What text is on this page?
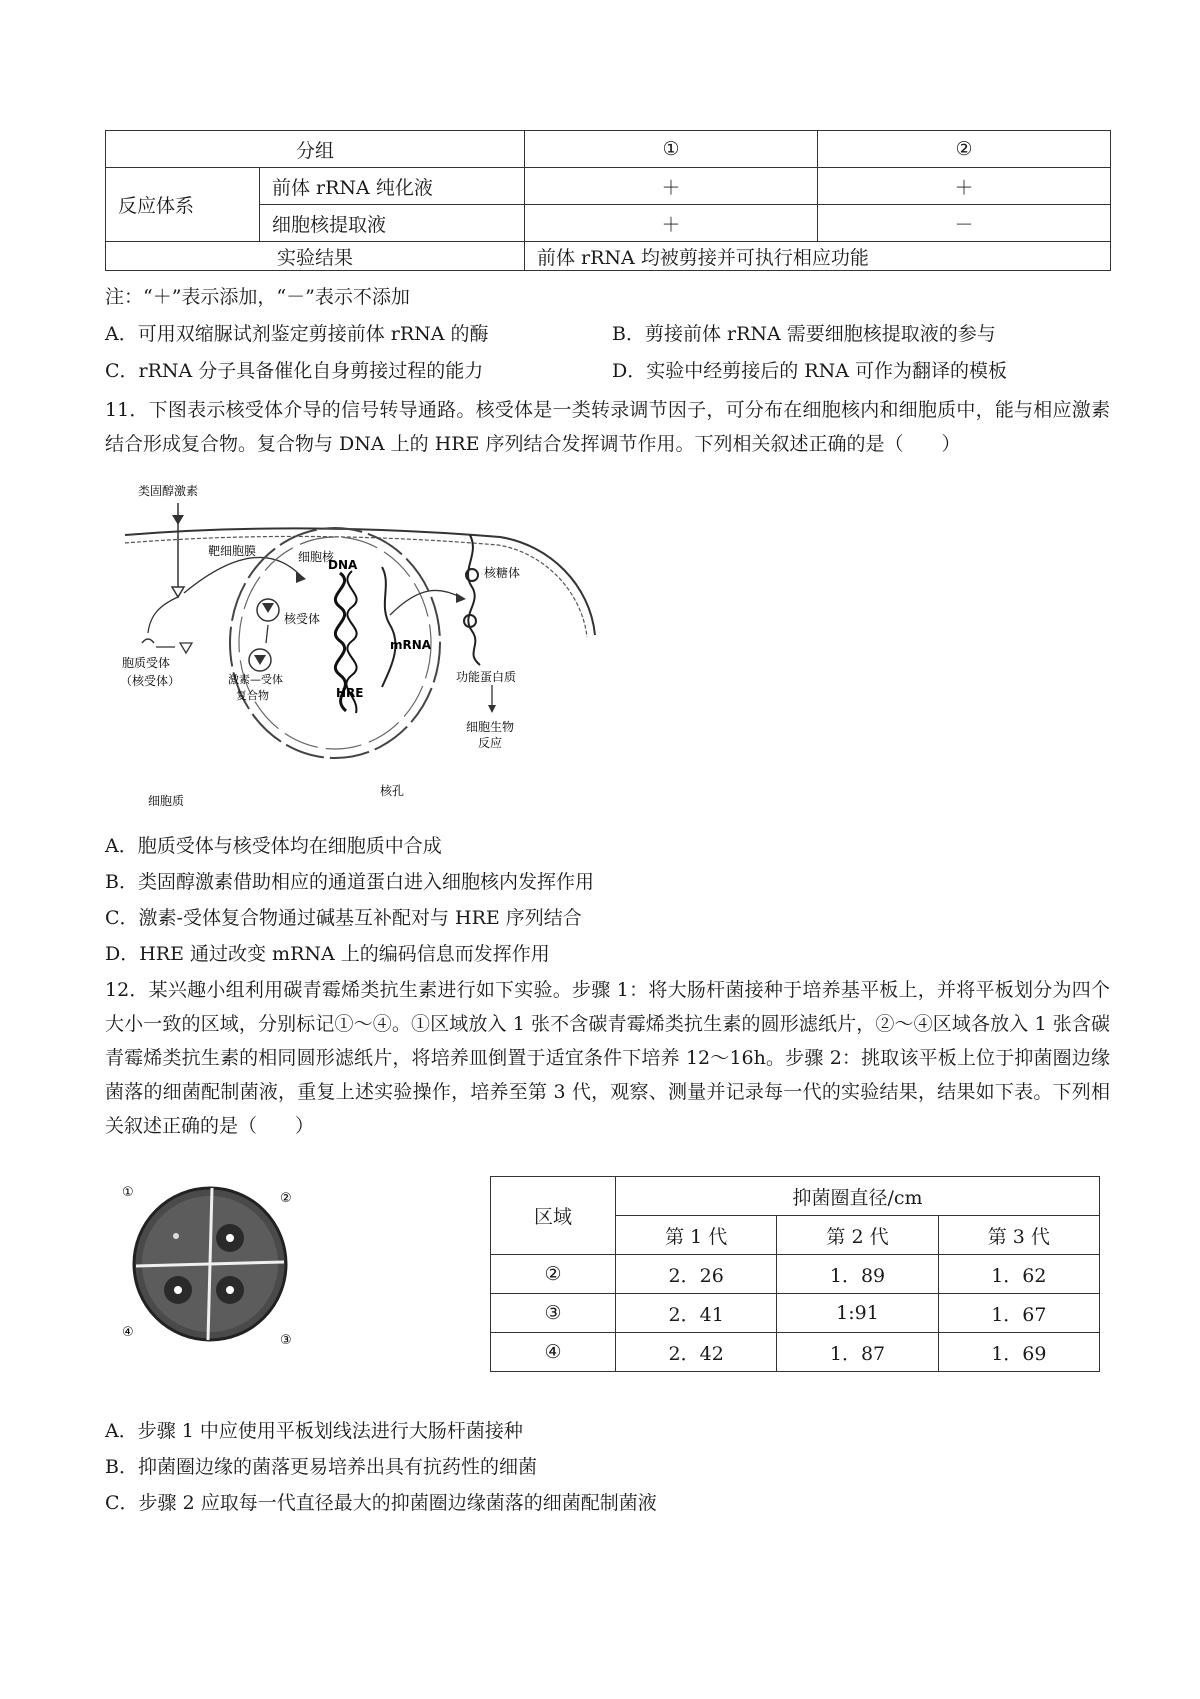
分组		①	②
反应体系	前体 rRNA 纯化液	＋	＋
	细胞核提取液	＋	－
实验结果		前体 rRNA 均被剪接并可执行相应功能	
注：“＋”表示添加，“－”表示不添加
A．可用双缩脲试剂鉴定剪接前体 rRNA 的酶	B．剪接前体 rRNA 需要细胞核提取液的参与
C．rRNA 分子具备催化自身剪接过程的能力	D．实验中经剪接后的 RNA 可作为翻译的模板
11．下图表示核受体介导的信号转导通路。核受体是一类转录调节因子，可分布在细胞核内和细胞质中，能与相应激素结合形成复合物。复合物与 DNA 上的 HRE 序列结合发挥调节作用。下列相关叙述正确的是（　　）
类固醇激素
靶细胞膜	细胞核
DNA
核受体
胞质受体
（核受体）	激素—受体
复合物
mRNA
HRE
核糖体
功能蛋白质
细胞生物
反应
细胞质
核孔
A．胞质受体与核受体均在细胞质中合成
B．类固醇激素借助相应的通道蛋白进入细胞核内发挥作用
C．激素-受体复合物通过碱基互补配对与 HRE 序列结合
D．HRE 通过改变 mRNA 上的编码信息而发挥作用
12．某兴趣小组利用碳青霉烯类抗生素进行如下实验。步骤 1：将大肠杆菌接种于培养基平板上，并将平板划分为四个大小一致的区域，分别标记①～④。①区域放入 1 张不含碳青霉烯类抗生素的圆形滤纸片，②～④区域各放入 1 张含碳青霉烯类抗生素的相同圆形滤纸片，将培养皿倒置于适宜条件下培养 12～16h。步骤 2：挑取该平板上位于抑菌圈边缘菌落的细菌配制菌液，重复上述实验操作，培养至第 3 代，观察、测量并记录每一代的实验结果，结果如下表。下列相关叙述正确的是（　　）
①	②
③
④
区域	抑菌圈直径/cm		
	第 1 代	第 2 代	第 3 代
②	2．26	1．89	1．62
③	2．41	1:91	1．67
④	2．42	1．87	1．69
A．步骤 1 中应使用平板划线法进行大肠杆菌接种
B．抑菌圈边缘的菌落更易培养出具有抗药性的细菌
C．步骤 2 应取每一代直径最大的抑菌圈边缘菌落的细菌配制菌液
